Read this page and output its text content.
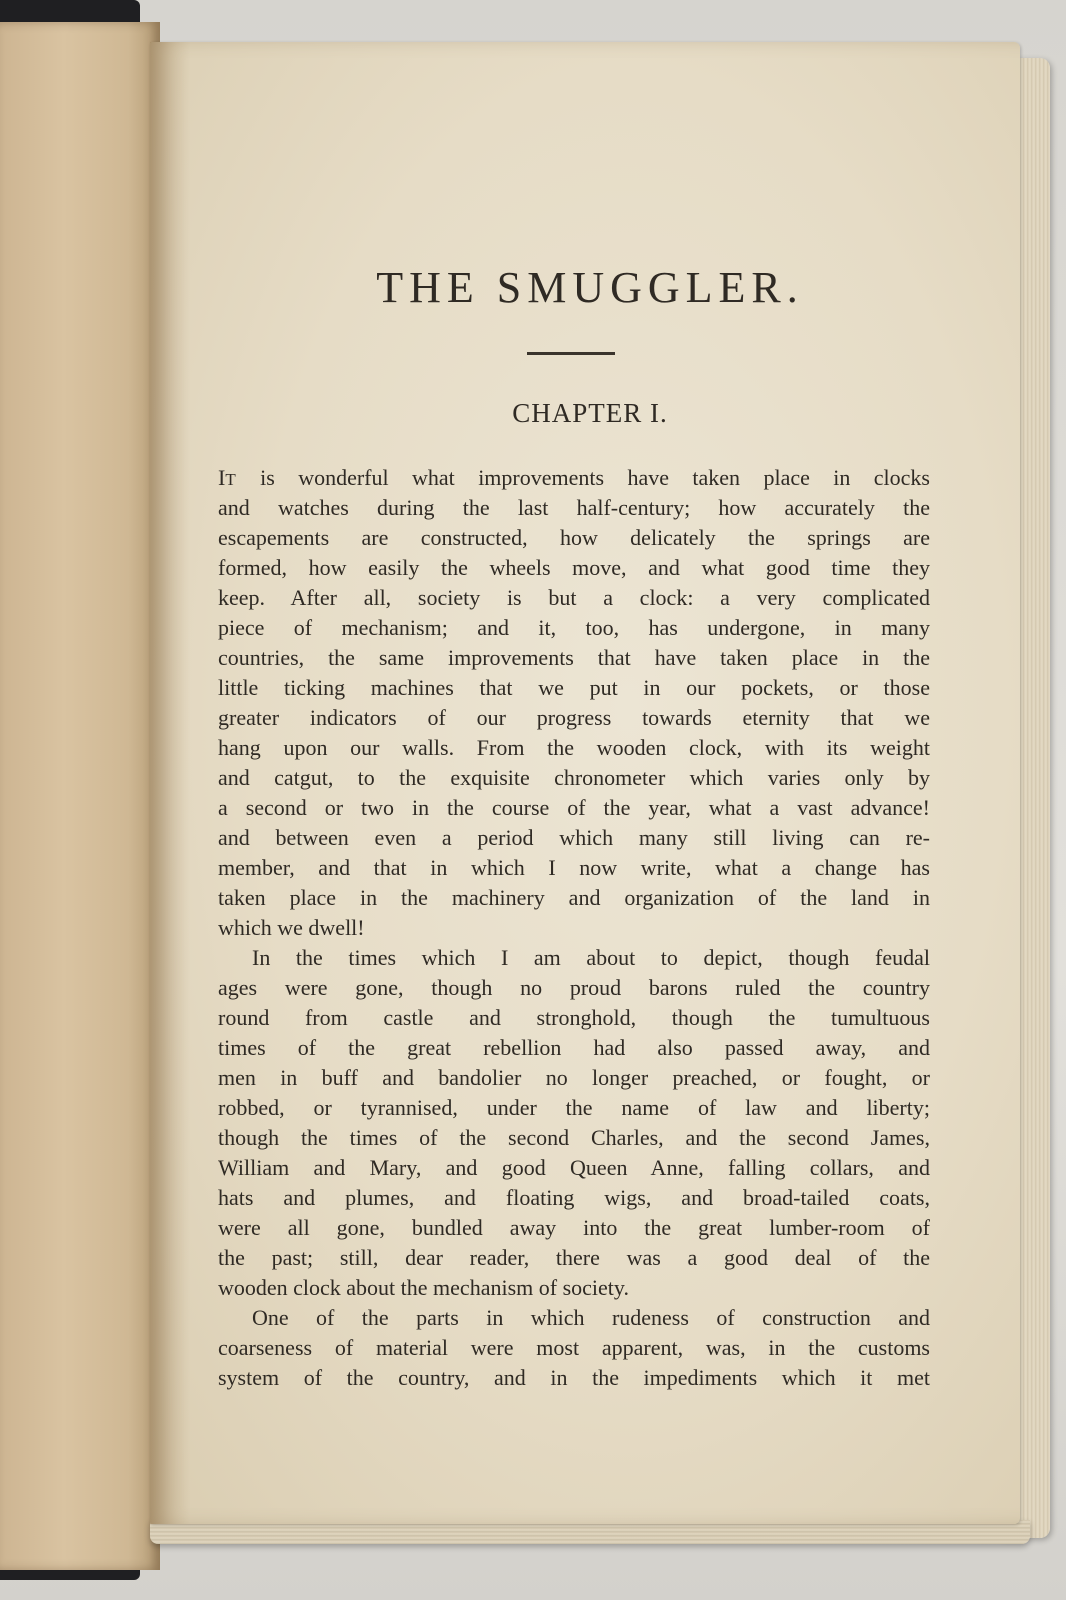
THE SMUGGLER.
CHAPTER I.
IT is wonderful what improvements have taken place in clocks
and watches during the last half-century; how accurately the
escapements are constructed, how delicately the springs are
formed, how easily the wheels move, and what good time they
keep. After all, society is but a clock: a very complicated
piece of mechanism; and it, too, has undergone, in many
countries, the same improvements that have taken place in the
little ticking machines that we put in our pockets, or those
greater indicators of our progress towards eternity that we
hang upon our walls. From the wooden clock, with its weight
and catgut, to the exquisite chronometer which varies only by
a second or two in the course of the year, what a vast advance!
and between even a period which many still living can re-
member, and that in which I now write, what a change has
taken place in the machinery and organization of the land in
which we dwell!
In the times which I am about to depict, though feudal
ages were gone, though no proud barons ruled the country
round from castle and stronghold, though the tumultuous
times of the great rebellion had also passed away, and
men in buff and bandolier no longer preached, or fought, or
robbed, or tyrannised, under the name of law and liberty;
though the times of the second Charles, and the second James,
William and Mary, and good Queen Anne, falling collars, and
hats and plumes, and floating wigs, and broad-tailed coats,
were all gone, bundled away into the great lumber-room of
the past; still, dear reader, there was a good deal of the
wooden clock about the mechanism of society.
One of the parts in which rudeness of construction and
coarseness of material were most apparent, was, in the customs
system of the country, and in the impediments which it met
